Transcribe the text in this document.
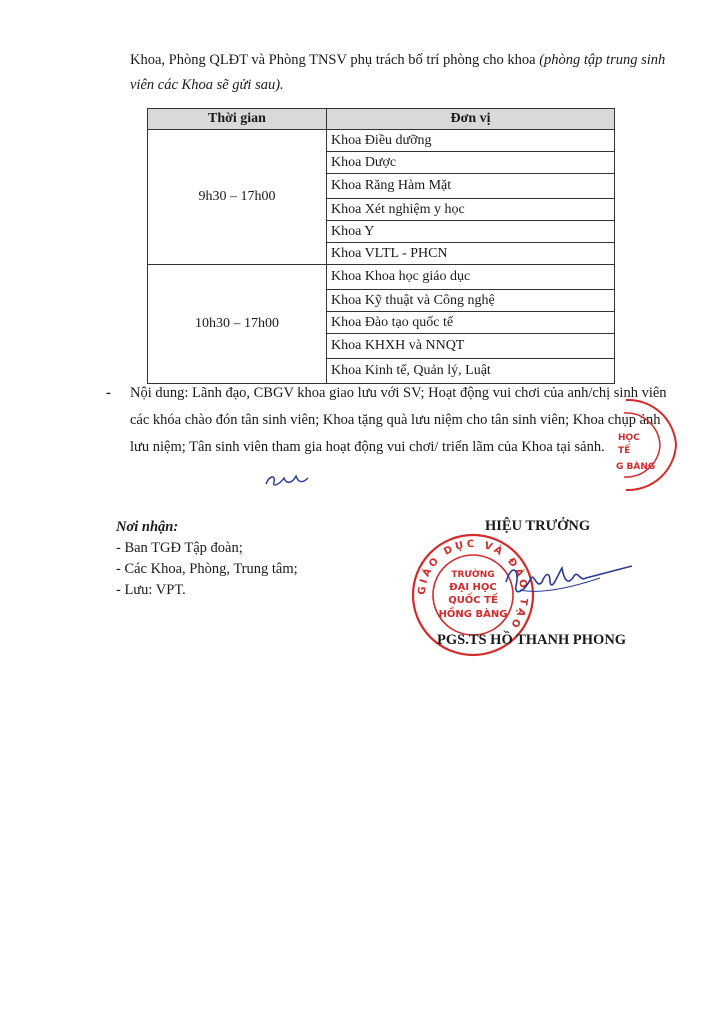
Khoa, Phòng QLĐT và Phòng TNSV phụ trách bố trí phòng cho khoa (phòng tập trung sinh viên các Khoa sẽ gửi sau).

Thời gian	Đơn vị
9h30 – 17h00	Khoa Điều dưỡng
	Khoa Dược
	Khoa Răng Hàm Mặt
	Khoa Xét nghiệm y học
	Khoa Y
	Khoa VLTL - PHCN
10h30 – 17h00	Khoa Khoa học giáo dục
	Khoa Kỹ thuật và Công nghệ
	Khoa Đào tạo quốc tế
	Khoa KHXH và NNQT
	Khoa Kinh tế, Quản lý, Luật
- Nội dung: Lãnh đạo, CBGV khoa giao lưu với SV; Hoạt động vui chơi của anh/chị sinh viên các khóa chào đón tân sinh viên; Khoa tặng quà lưu niệm cho tân sinh viên; Khoa chụp ảnh lưu niệm; Tân sinh viên tham gia hoạt động vui chơi/ triển lãm của Khoa tại sảnh.
HỌC
TẾ
G BÀNG
Nơi nhận:
- Ban TGĐ Tập đoàn;
- Các Khoa, Phòng, Trung tâm;
- Lưu: VPT.
HIỆU TRƯỞNG
GIÁO DỤC VÀ ĐÀO TẠO
TRƯỜNG
ĐẠI HỌC
QUỐC TẾ
HỒNG BÀNG
PGS.TS HỒ THANH PHONG
